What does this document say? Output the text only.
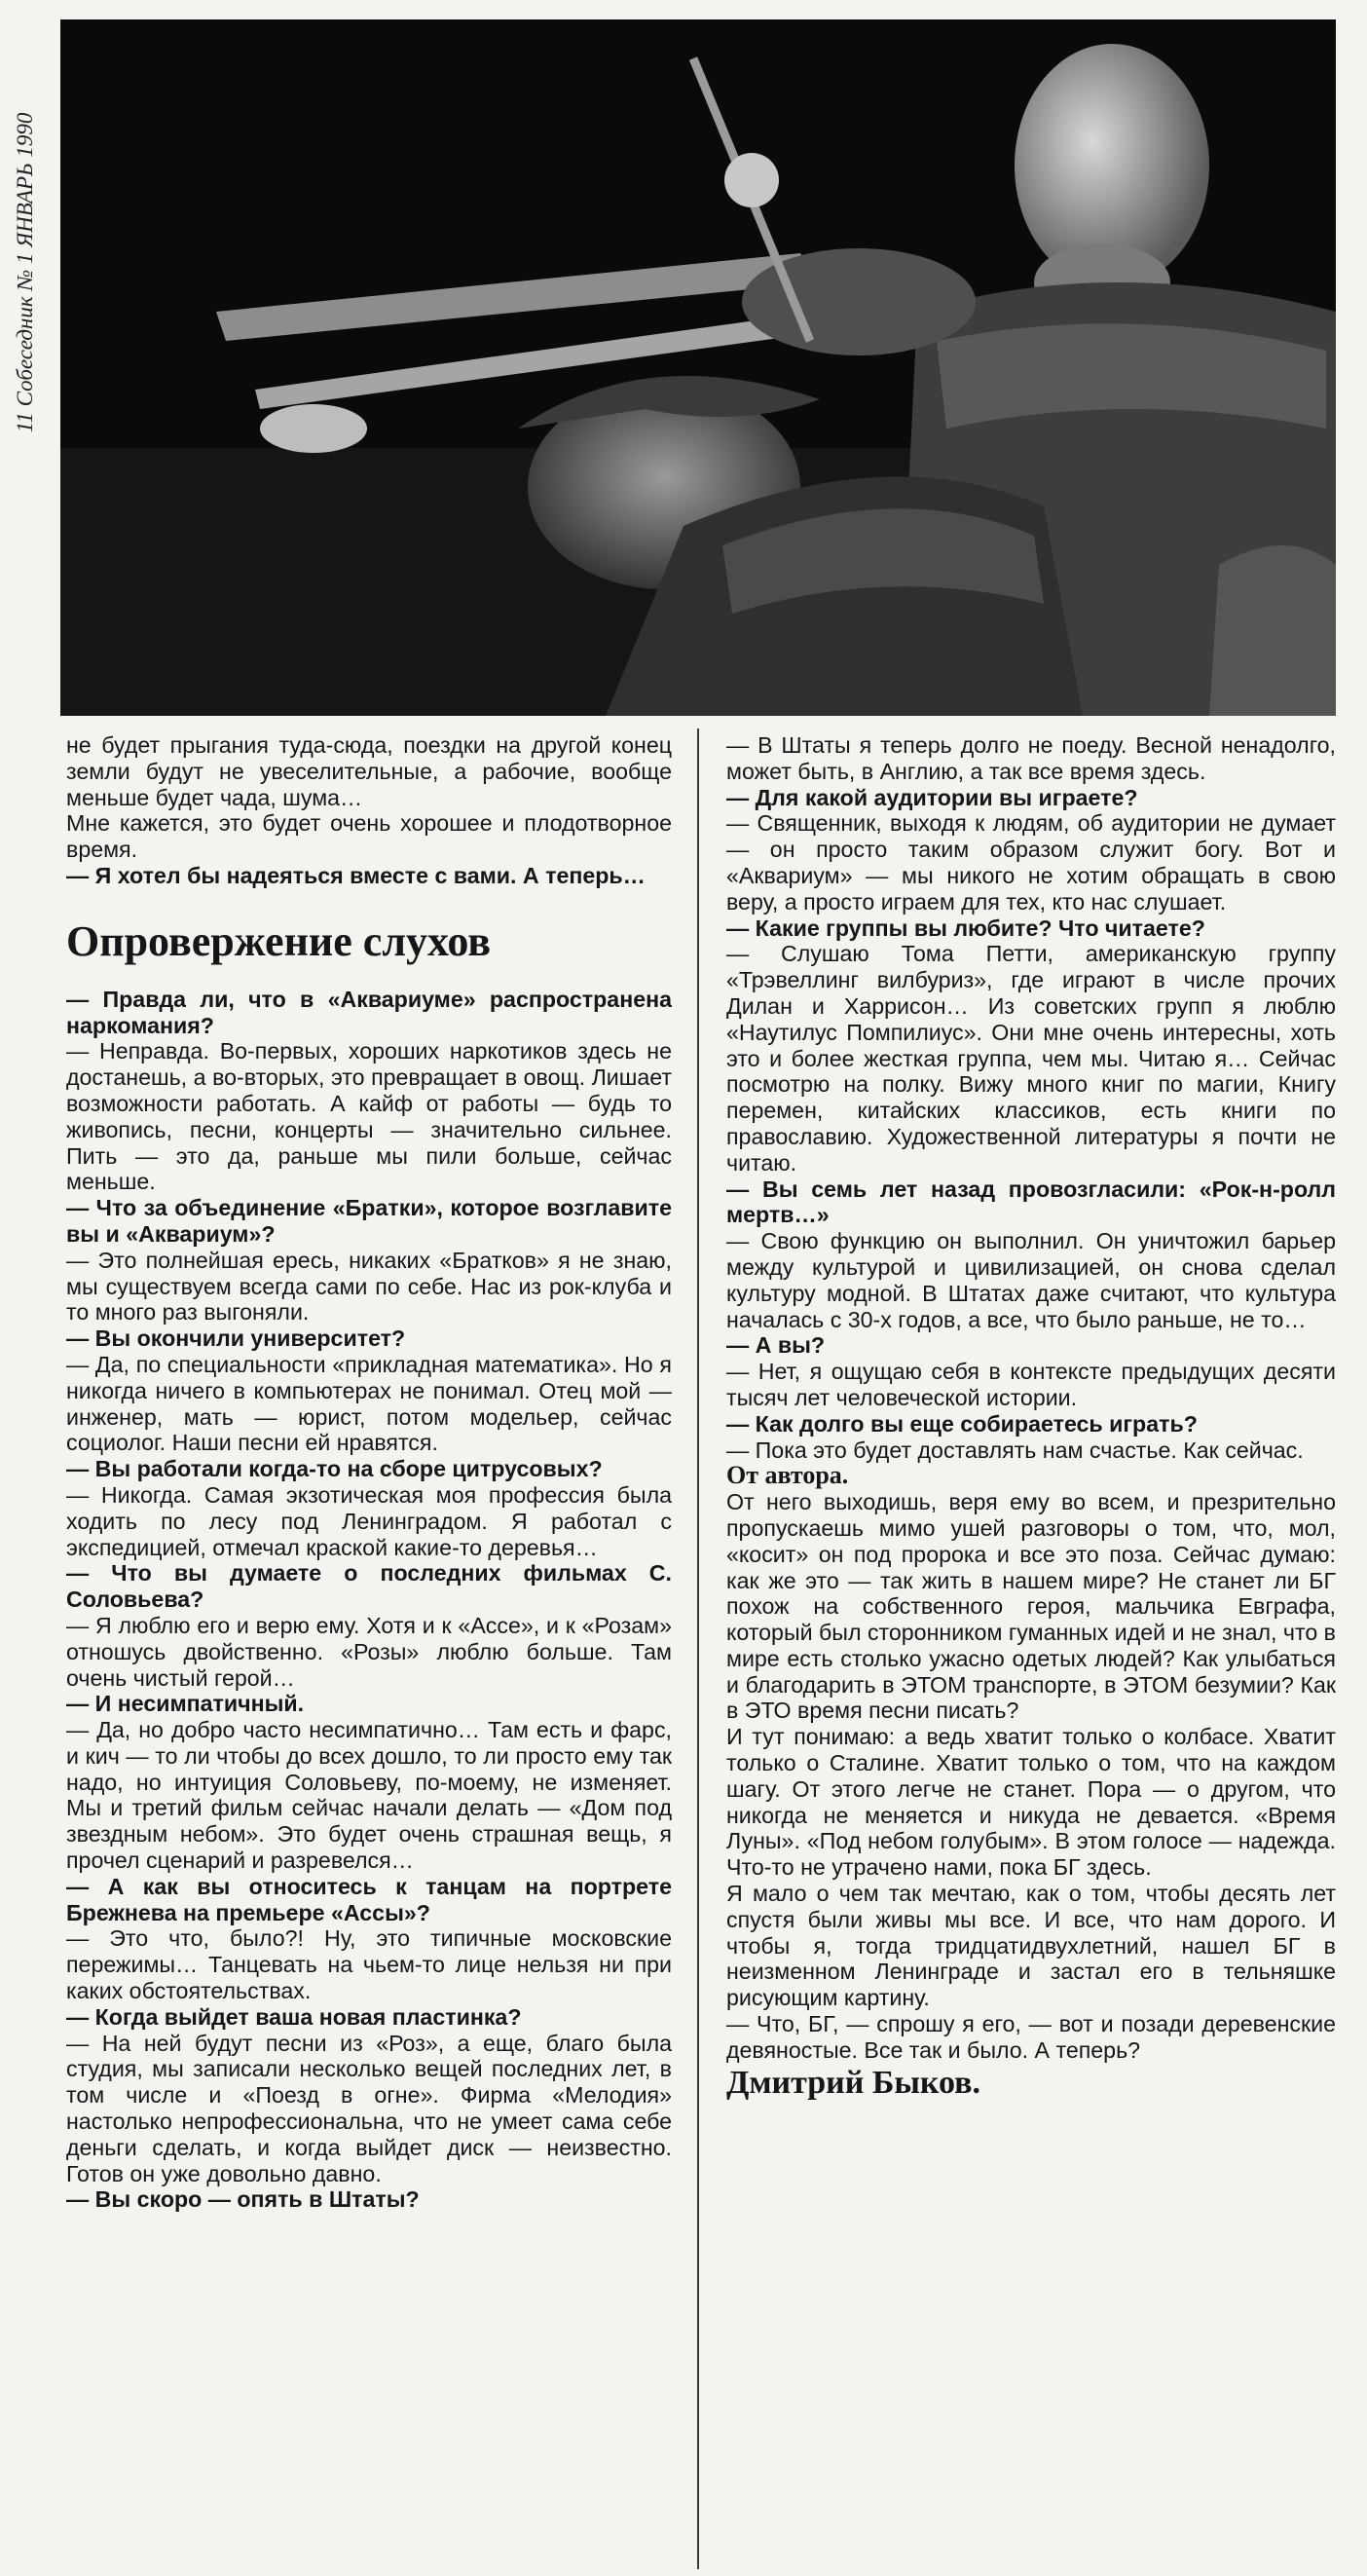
11 Собеседник № 1 ЯНВАРЬ 1990

не будет прыгания туда-сюда, поездки на другой конец земли будут не увеселительные, а рабочие, вообще меньше будет чада, шума…

Мне кажется, это будет очень хорошее и плодотворное время.

— Я хотел бы надеяться вместе с вами. А теперь…

Опровержение слухов

— Правда ли, что в «Аквариуме» распространена наркомания?

— Неправда. Во-первых, хороших наркотиков здесь не достанешь, а во-вторых, это превращает в овощ. Лишает возможности работать. А кайф от работы — будь то живопись, песни, концерты — значительно сильнее. Пить — это да, раньше мы пили больше, сейчас меньше.

— Что за объединение «Братки», которое возглавите вы и «Аквариум»?

— Это полнейшая ересь, никаких «Братков» я не знаю, мы существуем всегда сами по себе. Нас из рок-клуба и то много раз выгоняли.

— Вы окончили университет?

— Да, по специальности «прикладная математика». Но я никогда ничего в компьютерах не понимал. Отец мой — инженер, мать — юрист, потом модельер, сейчас социолог. Наши песни ей нравятся.

— Вы работали когда-то на сборе цитрусовых?

— Никогда. Самая экзотическая моя профессия была ходить по лесу под Ленинградом. Я работал с экспедицией, отмечал краской какие-то деревья…

— Что вы думаете о последних фильмах С. Соловьева?

— Я люблю его и верю ему. Хотя и к «Ассе», и к «Розам» отношусь двойственно. «Розы» люблю больше. Там очень чистый герой…

— И несимпатичный.

— Да, но добро часто несимпатично… Там есть и фарс, и кич — то ли чтобы до всех дошло, то ли просто ему так надо, но интуиция Соловьеву, по-моему, не изменяет. Мы и третий фильм сейчас начали делать — «Дом под звездным небом». Это будет очень страшная вещь, я прочел сценарий и разревелся…

— А как вы относитесь к танцам на портрете Брежнева на премьере «Ассы»?

— Это что, было?! Ну, это типичные московские пережимы… Танцевать на чьем-то лице нельзя ни при каких обстоятельствах.

— Когда выйдет ваша новая пластинка?

— На ней будут песни из «Роз», а еще, благо была студия, мы записали несколько вещей последних лет, в том числе и «Поезд в огне». Фирма «Мелодия» настолько непрофессиональна, что не умеет сама себе деньги сделать, и когда выйдет диск — неизвестно. Готов он уже довольно давно.

— Вы скоро — опять в Штаты?

— В Штаты я теперь долго не поеду. Весной ненадолго, может быть, в Англию, а так все время здесь.

— Для какой аудитории вы играете?

— Священник, выходя к людям, об аудитории не думает — он просто таким образом служит богу. Вот и «Аквариум» — мы никого не хотим обращать в свою веру, а просто играем для тех, кто нас слушает.

— Какие группы вы любите? Что читаете?

— Слушаю Тома Петти, американскую группу «Трэвеллинг вилбуриз», где играют в числе прочих Дилан и Харрисон… Из советских групп я люблю «Наутилус Помпилиус». Они мне очень интересны, хоть это и более жесткая группа, чем мы. Читаю я… Сейчас посмотрю на полку. Вижу много книг по магии, Книгу перемен, китайских классиков, есть книги по православию. Художественной литературы я почти не читаю.

— Вы семь лет назад провозгласили: «Рок-н-ролл мертв…»

— Свою функцию он выполнил. Он уничтожил барьер между культурой и цивилизацией, он снова сделал культуру модной. В Штатах даже считают, что культура началась с 30-х годов, а все, что было раньше, не то…

— А вы?

— Нет, я ощущаю себя в контексте предыдущих десяти тысяч лет человеческой истории.

— Как долго вы еще собираетесь играть?

— Пока это будет доставлять нам счастье. Как сейчас.

От автора.

От него выходишь, веря ему во всем, и презрительно пропускаешь мимо ушей разговоры о том, что, мол, «косит» он под пророка и все это поза. Сейчас думаю: как же это — так жить в нашем мире? Не станет ли БГ похож на собственного героя, мальчика Евграфа, который был сторонником гуманных идей и не знал, что в мире есть столько ужасно одетых людей? Как улыбаться и благодарить в ЭТОМ транспорте, в ЭТОМ безумии? Как в ЭТО время песни писать?

И тут понимаю: а ведь хватит только о колбасе. Хватит только о Сталине. Хватит только о том, что на каждом шагу. От этого легче не станет. Пора — о другом, что никогда не меняется и никуда не девается. «Время Луны». «Под небом голубым». В этом голосе — надежда. Что-то не утрачено нами, пока БГ здесь.

Я мало о чем так мечтаю, как о том, чтобы десять лет спустя были живы мы все. И все, что нам дорого. И чтобы я, тогда тридцатидвухлетний, нашел БГ в неизменном Ленинграде и застал его в тельняшке рисующим картину.

— Что, БГ, — спрошу я его, — вот и позади деревенские девяностые. Все так и было. А теперь?

Дмитрий Быков.
